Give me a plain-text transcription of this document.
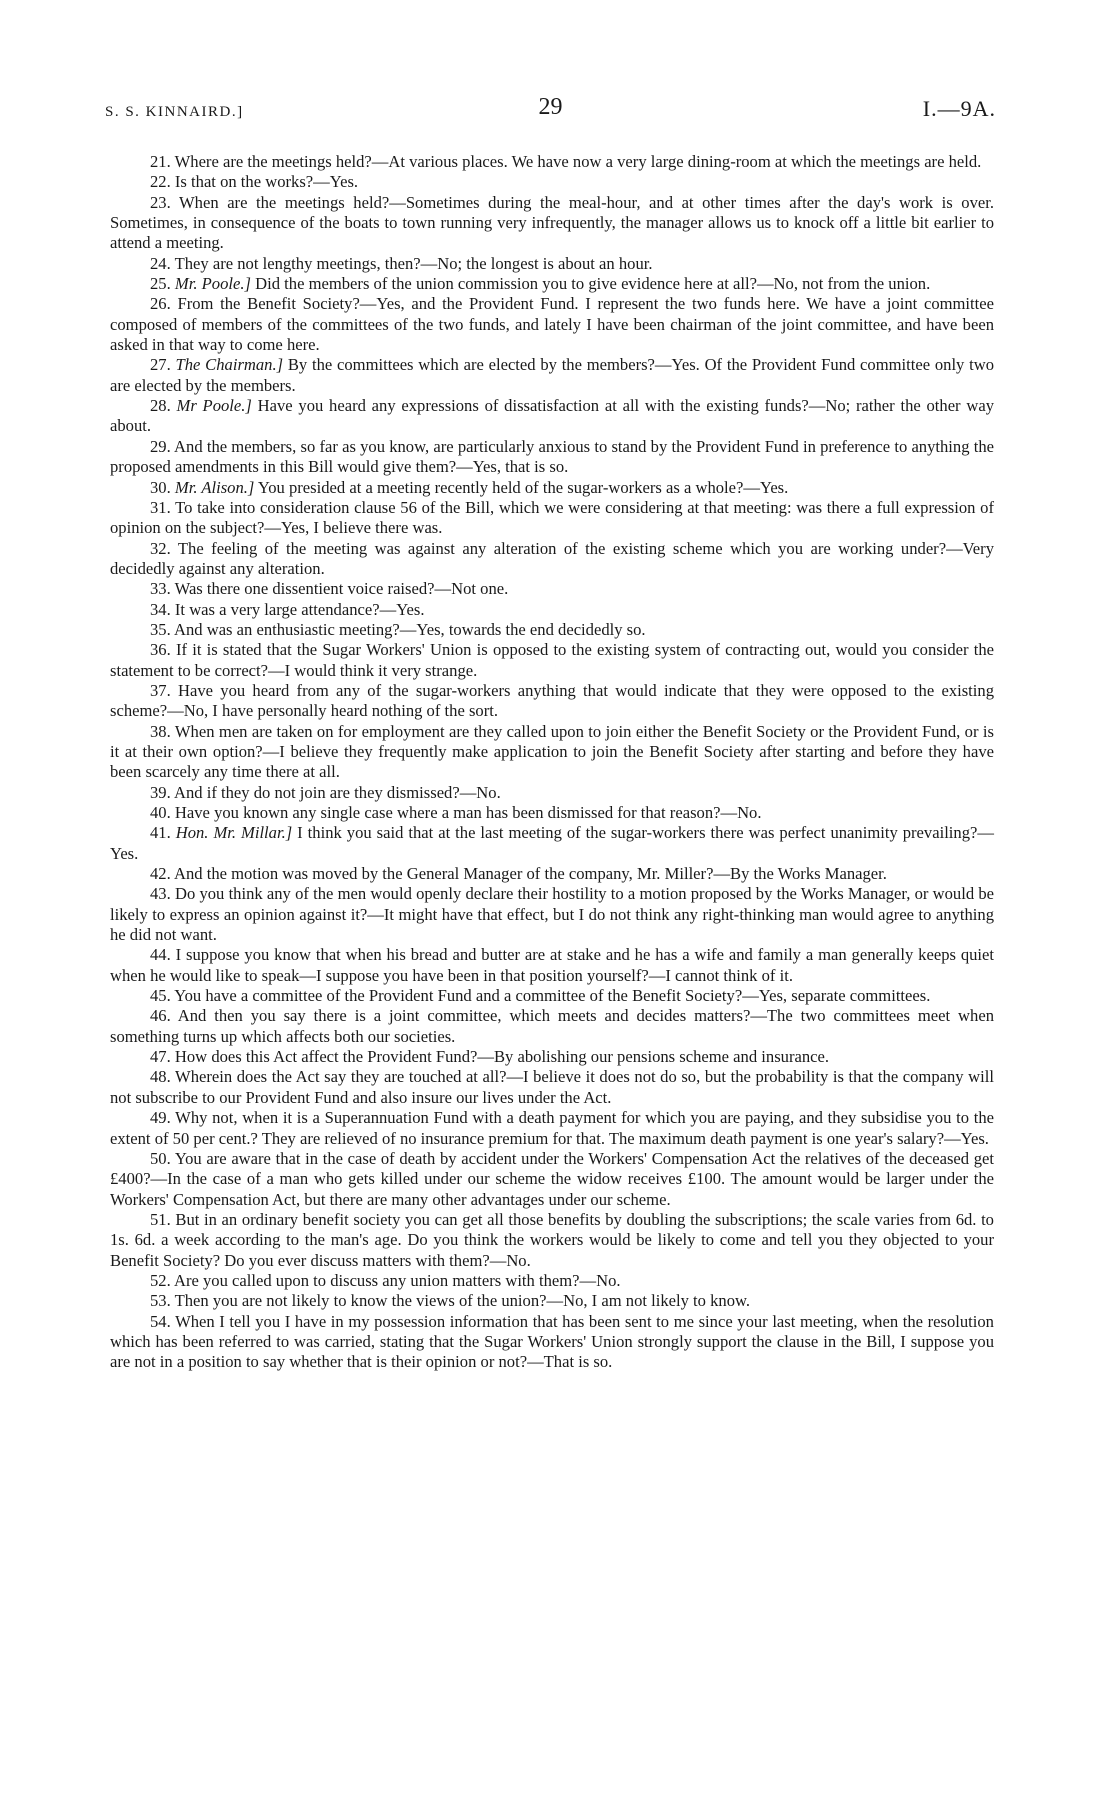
S. S. KINNAIRD.]	29	I.—9A.

21. Where are the meetings held?—At various places. We have now a very large dining-room at which the meetings are held.

22. Is that on the works?—Yes.

23. When are the meetings held?—Sometimes during the meal-hour, and at other times after the day's work is over. Sometimes, in consequence of the boats to town running very infrequently, the manager allows us to knock off a little bit earlier to attend a meeting.

24. They are not lengthy meetings, then?—No; the longest is about an hour.

25. Mr. Poole.] Did the members of the union commission you to give evidence here at all?—No, not from the union.

26. From the Benefit Society?—Yes, and the Provident Fund. I represent the two funds here. We have a joint committee composed of members of the committees of the two funds, and lately I have been chairman of the joint committee, and have been asked in that way to come here.

27. The Chairman.] By the committees which are elected by the members?—Yes. Of the Provident Fund committee only two are elected by the members.

28. Mr Poole.] Have you heard any expressions of dissatisfaction at all with the existing funds?—No; rather the other way about.

29. And the members, so far as you know, are particularly anxious to stand by the Provident Fund in preference to anything the proposed amendments in this Bill would give them?—Yes, that is so.

30. Mr. Alison.] You presided at a meeting recently held of the sugar-workers as a whole?—Yes.

31. To take into consideration clause 56 of the Bill, which we were considering at that meeting: was there a full expression of opinion on the subject?—Yes, I believe there was.

32. The feeling of the meeting was against any alteration of the existing scheme which you are working under?—Very decidedly against any alteration.

33. Was there one dissentient voice raised?—Not one.

34. It was a very large attendance?—Yes.

35. And was an enthusiastic meeting?—Yes, towards the end decidedly so.

36. If it is stated that the Sugar Workers' Union is opposed to the existing system of contracting out, would you consider the statement to be correct?—I would think it very strange.

37. Have you heard from any of the sugar-workers anything that would indicate that they were opposed to the existing scheme?—No, I have personally heard nothing of the sort.

38. When men are taken on for employment are they called upon to join either the Benefit Society or the Provident Fund, or is it at their own option?—I believe they frequently make application to join the Benefit Society after starting and before they have been scarcely any time there at all.

39. And if they do not join are they dismissed?—No.

40. Have you known any single case where a man has been dismissed for that reason?—No.

41. Hon. Mr. Millar.] I think you said that at the last meeting of the sugar-workers there was perfect unanimity prevailing?—Yes.

42. And the motion was moved by the General Manager of the company, Mr. Miller?—By the Works Manager.

43. Do you think any of the men would openly declare their hostility to a motion proposed by the Works Manager, or would be likely to express an opinion against it?—It might have that effect, but I do not think any right-thinking man would agree to anything he did not want.

44. I suppose you know that when his bread and butter are at stake and he has a wife and family a man generally keeps quiet when he would like to speak—I suppose you have been in that position yourself?—I cannot think of it.

45. You have a committee of the Provident Fund and a committee of the Benefit Society?—Yes, separate committees.

46. And then you say there is a joint committee, which meets and decides matters?—The two committees meet when something turns up which affects both our societies.

47. How does this Act affect the Provident Fund?—By abolishing our pensions scheme and insurance.

48. Wherein does the Act say they are touched at all?—I believe it does not do so, but the probability is that the company will not subscribe to our Provident Fund and also insure our lives under the Act.

49. Why not, when it is a Superannuation Fund with a death payment for which you are paying, and they subsidise you to the extent of 50 per cent.? They are relieved of no insurance premium for that. The maximum death payment is one year's salary?—Yes.

50. You are aware that in the case of death by accident under the Workers' Compensation Act the relatives of the deceased get £400?—In the case of a man who gets killed under our scheme the widow receives £100. The amount would be larger under the Workers' Compensation Act, but there are many other advantages under our scheme.

51. But in an ordinary benefit society you can get all those benefits by doubling the subscriptions; the scale varies from 6d. to 1s. 6d. a week according to the man's age. Do you think the workers would be likely to come and tell you they objected to your Benefit Society? Do you ever discuss matters with them?—No.

52. Are you called upon to discuss any union matters with them?—No.

53. Then you are not likely to know the views of the union?—No, I am not likely to know.

54. When I tell you I have in my possession information that has been sent to me since your last meeting, when the resolution which has been referred to was carried, stating that the Sugar Workers' Union strongly support the clause in the Bill, I suppose you are not in a position to say whether that is their opinion or not?—That is so.
